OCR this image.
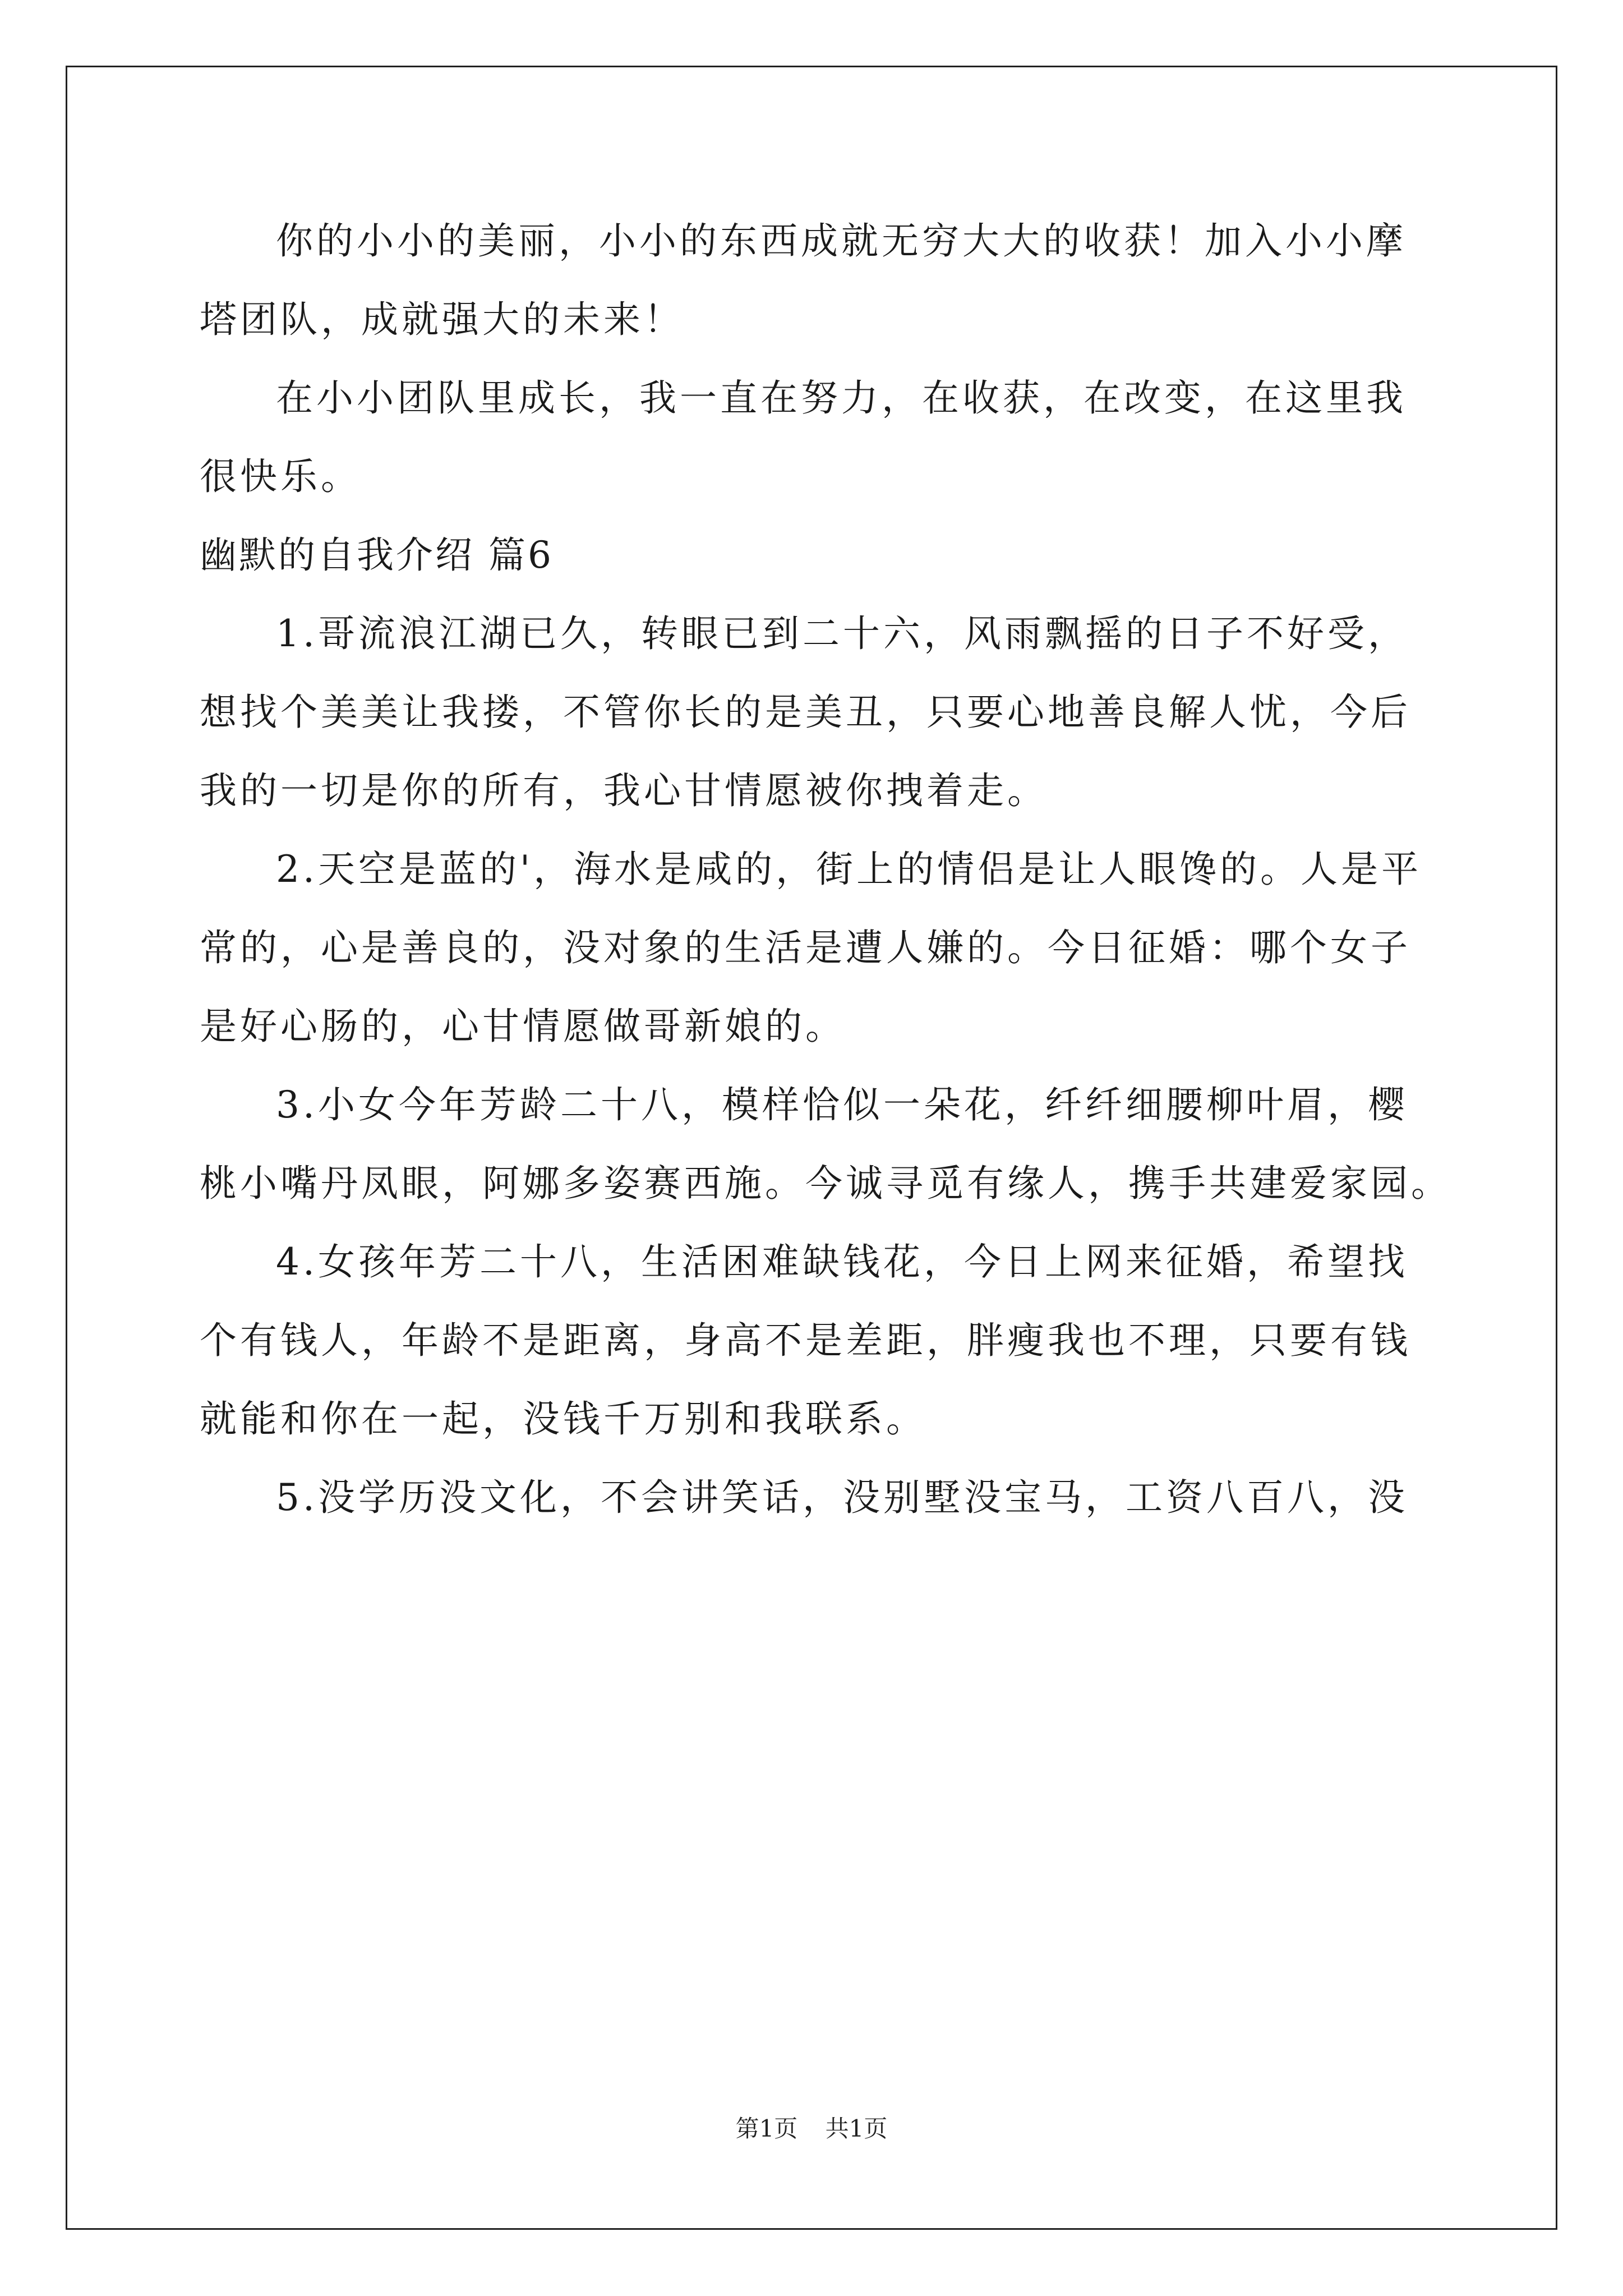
你的小小的美丽，小小的东西成就无穷大大的收获！加入小小摩
塔团队，成就强大的未来！
在小小团队里成长，我一直在努力，在收获，在改变，在这里我
很快乐。
幽默的自我介绍 篇6
1.哥流浪江湖已久，转眼已到二十六，风雨飘摇的日子不好受，
想找个美美让我搂，不管你长的是美丑，只要心地善良解人忧，今后
我的一切是你的所有，我心甘情愿被你拽着走。
2.天空是蓝的'，海水是咸的，街上的情侣是让人眼馋的。人是平
常的，心是善良的，没对象的生活是遭人嫌的。今日征婚：哪个女子
是好心肠的，心甘情愿做哥新娘的。
3.小女今年芳龄二十八，模样恰似一朵花，纤纤细腰柳叶眉，樱
桃小嘴丹凤眼，阿娜多姿赛西施。今诚寻觅有缘人，携手共建爱家园。
4.女孩年芳二十八，生活困难缺钱花，今日上网来征婚，希望找
个有钱人，年龄不是距离，身高不是差距，胖瘦我也不理，只要有钱
就能和你在一起，没钱千万别和我联系。
5.没学历没文化，不会讲笑话，没别墅没宝马，工资八百八，没
第1页 共1页
